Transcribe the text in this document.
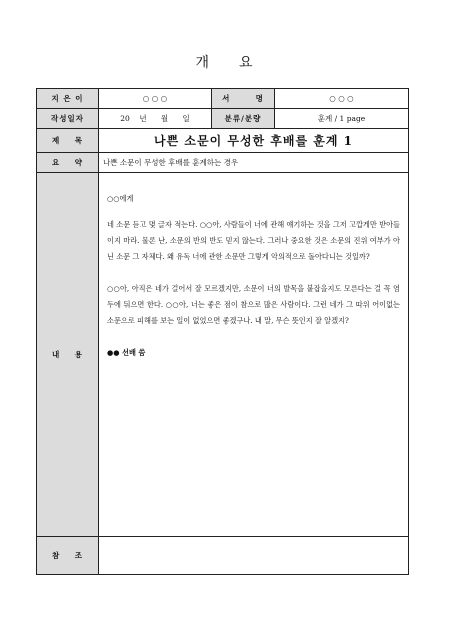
개 요
지 은 이	○ ○ ○	서       명	○ ○ ○
작성일자	20    년      월      일	분류/분량	훈계 / 1 page
제    목	나쁜 소문이 무성한 후배를 훈계 1		
요    약	나쁜 소문이 무성한 후배를 훈계하는 경우		
내    용	○○에게

네 소문 듣고 몇 글자 적는다. ○○아, 사람들이 너에 관해 얘기하는 것을 그저 고깝게만 받아들이지 마라. 물론 난, 소문의 반의 반도 믿지 않는다. 그러나 중요한 것은 소문의 진위 여부가 아닌 소문 그 자체다. 왜 유독 너에 관한 소문만 그렇게 악의적으로 돌아다니는 것일까?

○○아, 아직은 네가 걸어서 잘 모르겠지만, 소문이 너의 발목을 붙잡을지도 모른다는 걸 꼭 염두에 둬으면 한다. ○○아, 너는 좋은 점이 참으로 많은 사람이다. 그런 네가 그 따위 어이없는 소문으로 피해를 보는 일이 없었으면 좋겠구나. 내 말, 무슨 뜻인지 잘 알겠지?

●● 선배 씀		

참    조			
